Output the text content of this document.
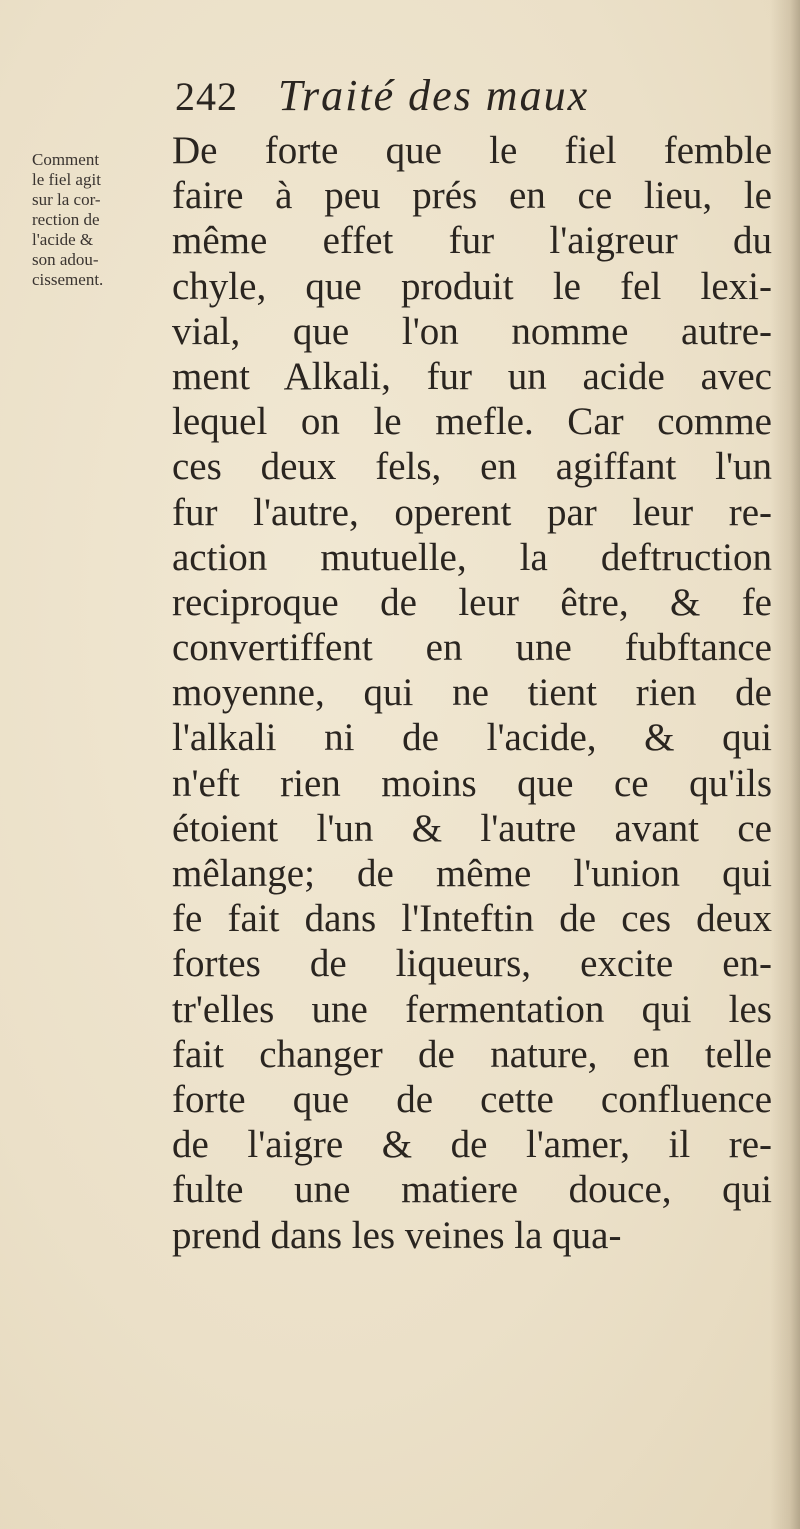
242 Traité des maux
Comment
le fiel agit
sur la cor-
rection de
l'acide &
son adou-
cissement.
De forte que le fiel femble
faire à peu prés en ce lieu, le
même effet fur l'aigreur du
chyle, que produit le fel lexi-
vial, que l'on nomme autre-
ment Alkali, fur un acide avec
lequel on le mefle. Car comme
ces deux fels, en agiffant l'un
fur l'autre, operent par leur re-
action mutuelle, la deftruction
reciproque de leur être, & fe
convertiffent en une fubftance
moyenne, qui ne tient rien de
l'alkali ni de l'acide, & qui
n'eft rien moins que ce qu'ils
étoient l'un & l'autre avant ce
mêlange; de même l'union qui
fe fait dans l'Inteftin de ces deux
fortes de liqueurs, excite en-
tr'elles une fermentation qui les
fait changer de nature, en telle
forte que de cette confluence
de l'aigre & de l'amer, il re-
fulte une matiere douce, qui
prend dans les veines la qua-
